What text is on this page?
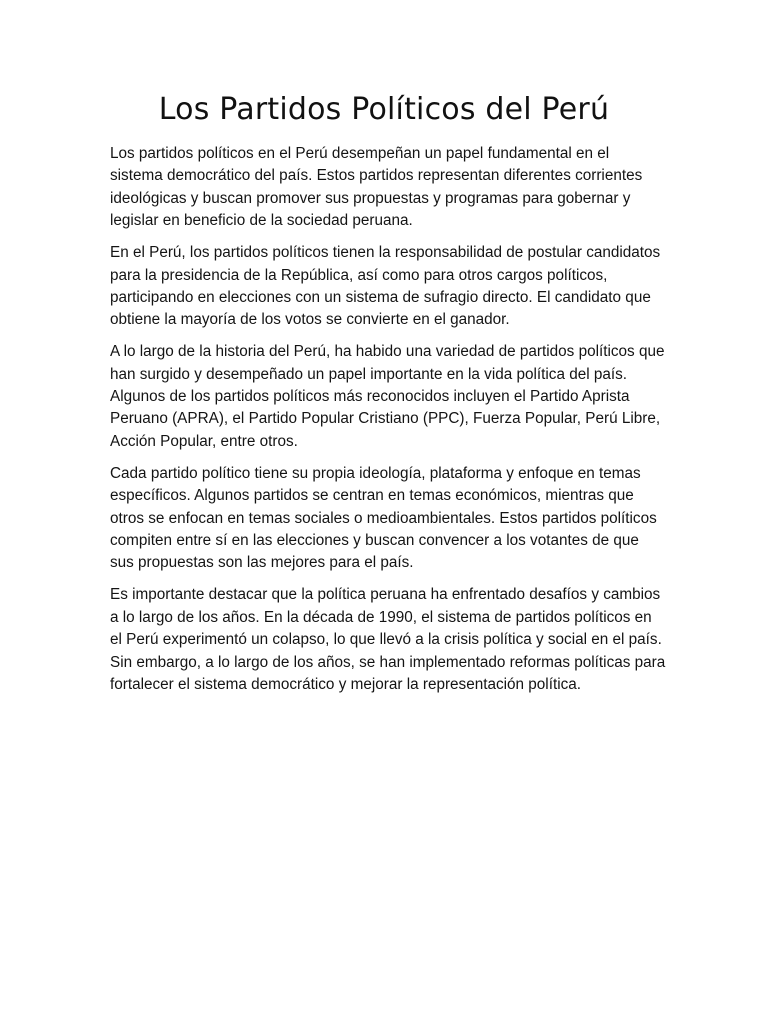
Los Partidos Políticos del Perú

Los partidos políticos en el Perú desempeñan un papel fundamental en el sistema democrático del país. Estos partidos representan diferentes corrientes ideológicas y buscan promover sus propuestas y programas para gobernar y legislar en beneficio de la sociedad peruana.

En el Perú, los partidos políticos tienen la responsabilidad de postular candidatos para la presidencia de la República, así como para otros cargos políticos, participando en elecciones con un sistema de sufragio directo. El candidato que obtiene la mayoría de los votos se convierte en el ganador.

A lo largo de la historia del Perú, ha habido una variedad de partidos políticos que han surgido y desempeñado un papel importante en la vida política del país. Algunos de los partidos políticos más reconocidos incluyen el Partido Aprista Peruano (APRA), el Partido Popular Cristiano (PPC), Fuerza Popular, Perú Libre, Acción Popular, entre otros.

Cada partido político tiene su propia ideología, plataforma y enfoque en temas específicos. Algunos partidos se centran en temas económicos, mientras que otros se enfocan en temas sociales o medioambientales. Estos partidos políticos compiten entre sí en las elecciones y buscan convencer a los votantes de que sus propuestas son las mejores para el país.

Es importante destacar que la política peruana ha enfrentado desafíos y cambios a lo largo de los años. En la década de 1990, el sistema de partidos políticos en el Perú experimentó un colapso, lo que llevó a la crisis política y social en el país. Sin embargo, a lo largo de los años, se han implementado reformas políticas para fortalecer el sistema democrático y mejorar la representación política.
